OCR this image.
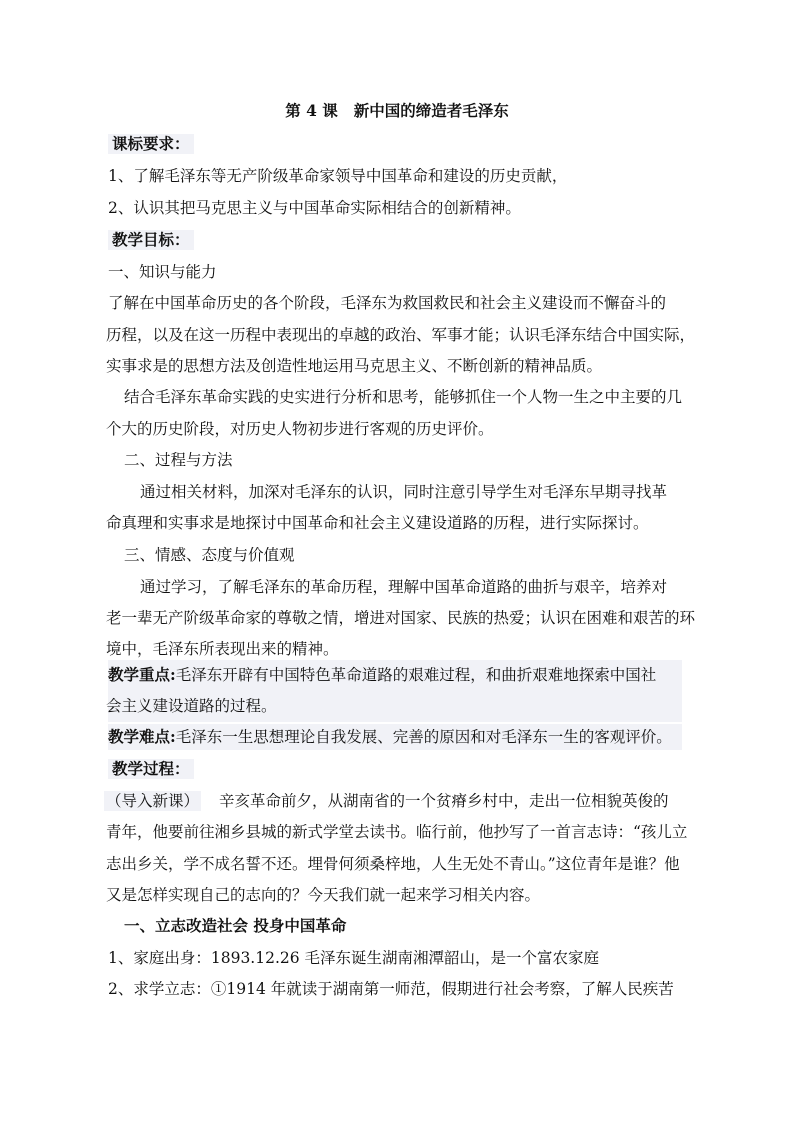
第 4 课 新中国的缔造者毛泽东
课标要求：
1、了解毛泽东等无产阶级革命家领导中国革命和建设的历史贡献，
2、认识其把马克思主义与中国革命实际相结合的创新精神。
教学目标：
一、知识与能力
了解在中国革命历史的各个阶段，毛泽东为救国救民和社会主义建设而不懈奋斗的
历程，以及在这一历程中表现出的卓越的政治、军事才能；认识毛泽东结合中国实际，
实事求是的思想方法及创造性地运用马克思主义、不断创新的精神品质。
结合毛泽东革命实践的史实进行分析和思考，能够抓住一个人物一生之中主要的几
个大的历史阶段，对历史人物初步进行客观的历史评价。
二、过程与方法
通过相关材料，加深对毛泽东的认识，同时注意引导学生对毛泽东早期寻找革
命真理和实事求是地探讨中国革命和社会主义建设道路的历程，进行实际探讨。
三、情感、态度与价值观
通过学习，了解毛泽东的革命历程，理解中国革命道路的曲折与艰辛，培养对
老一辈无产阶级革命家的尊敬之情，增进对国家、民族的热爱；认识在困难和艰苦的环
境中，毛泽东所表现出来的精神。
教学重点:毛泽东开辟有中国特色革命道路的艰难过程，和曲折艰难地探索中国社
会主义建设道路的过程。
教学难点:毛泽东一生思想理论自我发展、完善的原因和对毛泽东一生的客观评价。
教学过程：
（导入新课） 辛亥革命前夕，从湖南省的一个贫瘠乡村中，走出一位相貌英俊的
青年，他要前往湘乡县城的新式学堂去读书。临行前，他抄写了一首言志诗：“孩儿立
志出乡关，学不成名誓不还。埋骨何须桑梓地，人生无处不青山。”这位青年是谁？他
又是怎样实现自己的志向的？今天我们就一起来学习相关内容。
一、立志改造社会 投身中国革命
1、家庭出身：1893.12.26 毛泽东诞生湖南湘潭韶山，是一个富农家庭
2、求学立志：①1914 年就读于湖南第一师范，假期进行社会考察，了解人民疾苦
